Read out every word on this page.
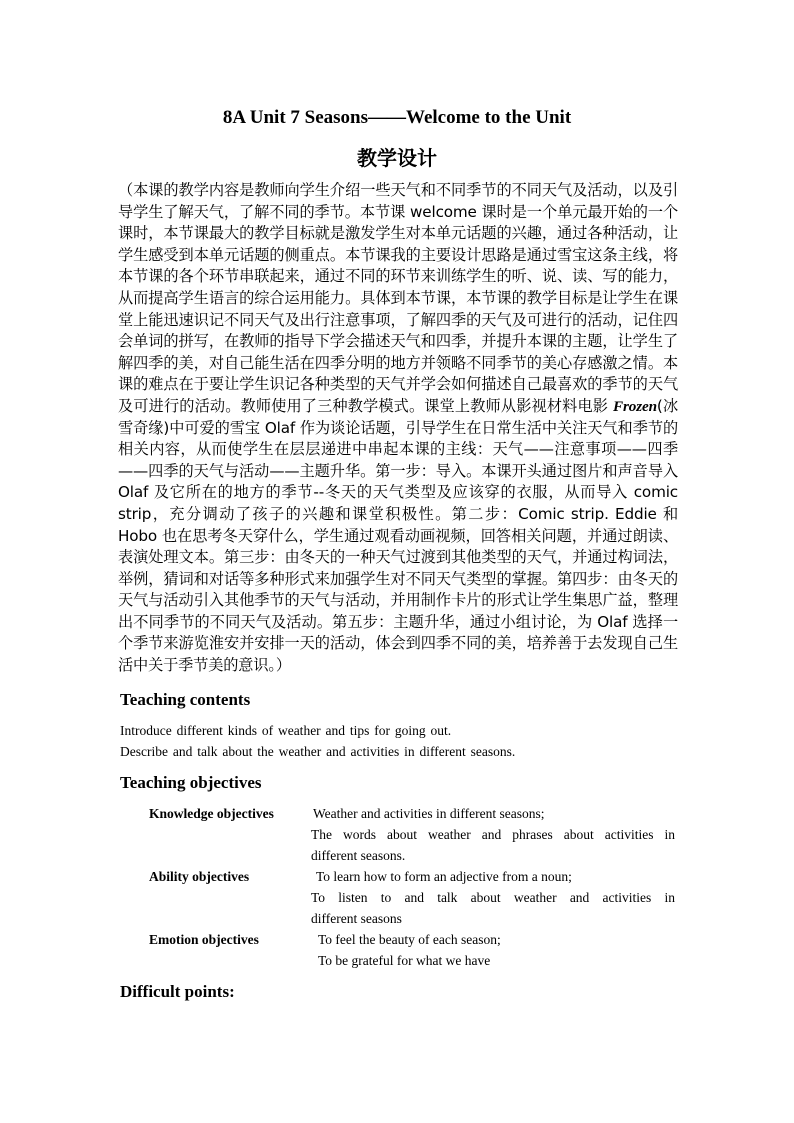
8A Unit 7 Seasons——Welcome to the Unit
教学设计
（本课的教学内容是教师向学生介绍一些天气和不同季节的不同天气及活动，以及引导学生了解天气，了解不同的季节。本节课 welcome 课时是一个单元最开始的一个课时，本节课最大的教学目标就是激发学生对本单元话题的兴趣，通过各种活动，让学生感受到本单元话题的侧重点。本节课我的主要设计思路是通过雪宝这条主线，将本节课的各个环节串联起来，通过不同的环节来训练学生的听、说、读、写的能力，从而提高学生语言的综合运用能力。具体到本节课，本节课的教学目标是让学生在课堂上能迅速识记不同天气及出行注意事项，了解四季的天气及可进行的活动，记住四会单词的拼写，在教师的指导下学会描述天气和四季，并提升本课的主题，让学生了解四季的美，对自己能生活在四季分明的地方并领略不同季节的美心存感激之情。本课的难点在于要让学生识记各种类型的天气并学会如何描述自己最喜欢的季节的天气及可进行的活动。教师使用了三种教学模式。课堂上教师从影视材料电影 Frozen(冰雪奇缘)中可爱的雪宝 Olaf 作为谈论话题，引导学生在日常生活中关注天气和季节的相关内容，从而使学生在层层递进中串起本课的主线：天气——注意事项——四季——四季的天气与活动——主题升华。第一步：导入。本课开头通过图片和声音导入 Olaf 及它所在的地方的季节--冬天的天气类型及应该穿的衣服，从而导入 comic strip，充分调动了孩子的兴趣和课堂积极性。第二步：Comic strip. Eddie 和 Hobo 也在思考冬天穿什么，学生通过观看动画视频，回答相关问题，并通过朗读、表演处理文本。第三步：由冬天的一种天气过渡到其他类型的天气，并通过构词法，举例，猜词和对话等多种形式来加强学生对不同天气类型的掌握。第四步：由冬天的天气与活动引入其他季节的天气与活动，并用制作卡片的形式让学生集思广益，整理出不同季节的不同天气及活动。第五步：主题升华，通过小组讨论，为 Olaf 选择一个季节来游览淮安并安排一天的活动，体会到四季不同的美，培养善于去发现自己生活中关于季节美的意识。）
Teaching contents
Introduce different kinds of weather and tips for going out.
Describe and talk about the weather and activities in different seasons.
Teaching objectives
Knowledge objectives	Weather and activities in different seasons;
The words about weather and phrases about activities in
different seasons.
Ability objectives	To learn how to form an adjective from a noun;
To listen to and talk about weather and activities in
different seasons
Emotion objectives	To feel the beauty of each season;
To be grateful for what we have
Difficult points:
